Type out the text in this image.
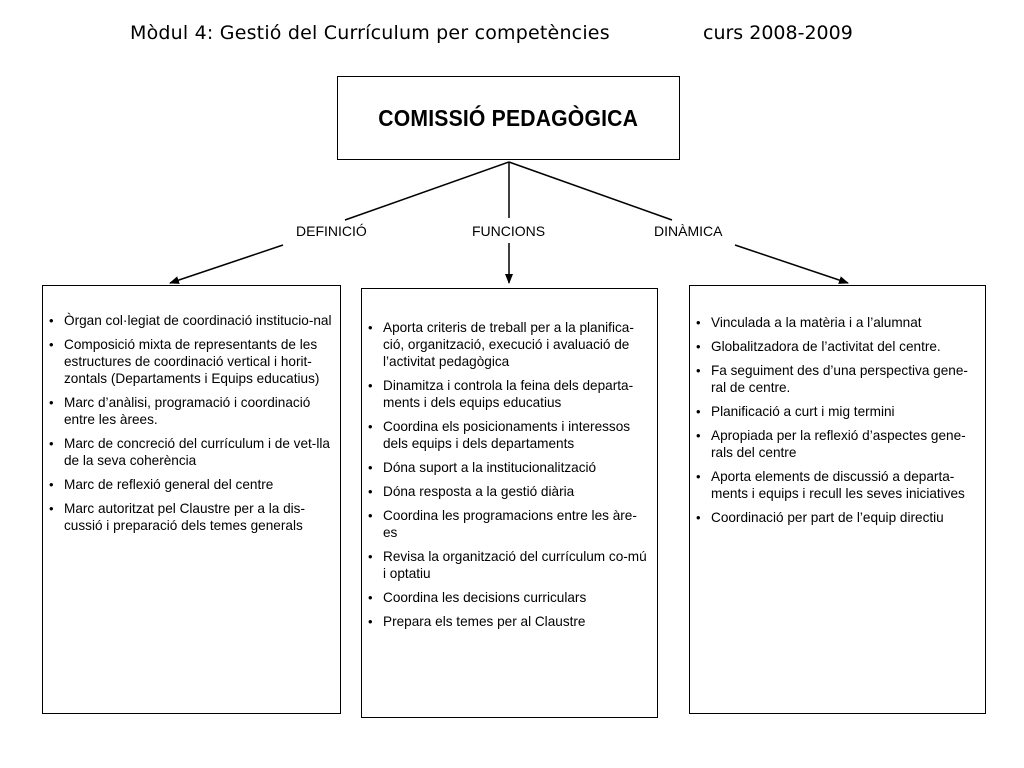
Mòdul 4: Gestió del Currículum per competències	curs 2008-2009
COMISSIÓ PEDAGÒGICA
DEFINICIÓ	FUNCIONS	DINÀMICA
• Òrgan col·legiat de coordinació institucio-nal
• Composició mixta de representants de les estructures de coordinació vertical i horit-zontals (Departaments i Equips educatius)
• Marc d’anàlisi, programació i coordinació entre les àrees.
• Marc de concreció del currículum i de vet-lla de la seva coherència
• Marc de reflexió general del centre
• Marc autoritzat pel Claustre per a la dis-cussió i preparació dels temes generals
• Aporta criteris de treball per a la planifica-ció, organització, execució i avaluació de l’activitat pedagògica
• Dinamitza i controla la feina dels departa-ments i dels equips educatius
• Coordina els posicionaments i interessos dels equips i dels departaments
• Dóna suport a la institucionalització
• Dóna resposta a la gestió diària
• Coordina les programacions entre les àre-es
• Revisa la organització del currículum co-mú i optatiu
• Coordina les decisions curriculars
• Prepara els temes per al Claustre
• Vinculada a la matèria i a l’alumnat
• Globalitzadora de l’activitat del centre.
• Fa seguiment des d’una perspectiva gene-ral de centre.
• Planificació a curt i mig termini
• Apropiada per la reflexió d’aspectes gene-rals del centre
• Aporta elements de discussió a departa-ments i equips i recull les seves iniciatives
• Coordinació per part de l’equip directiu
